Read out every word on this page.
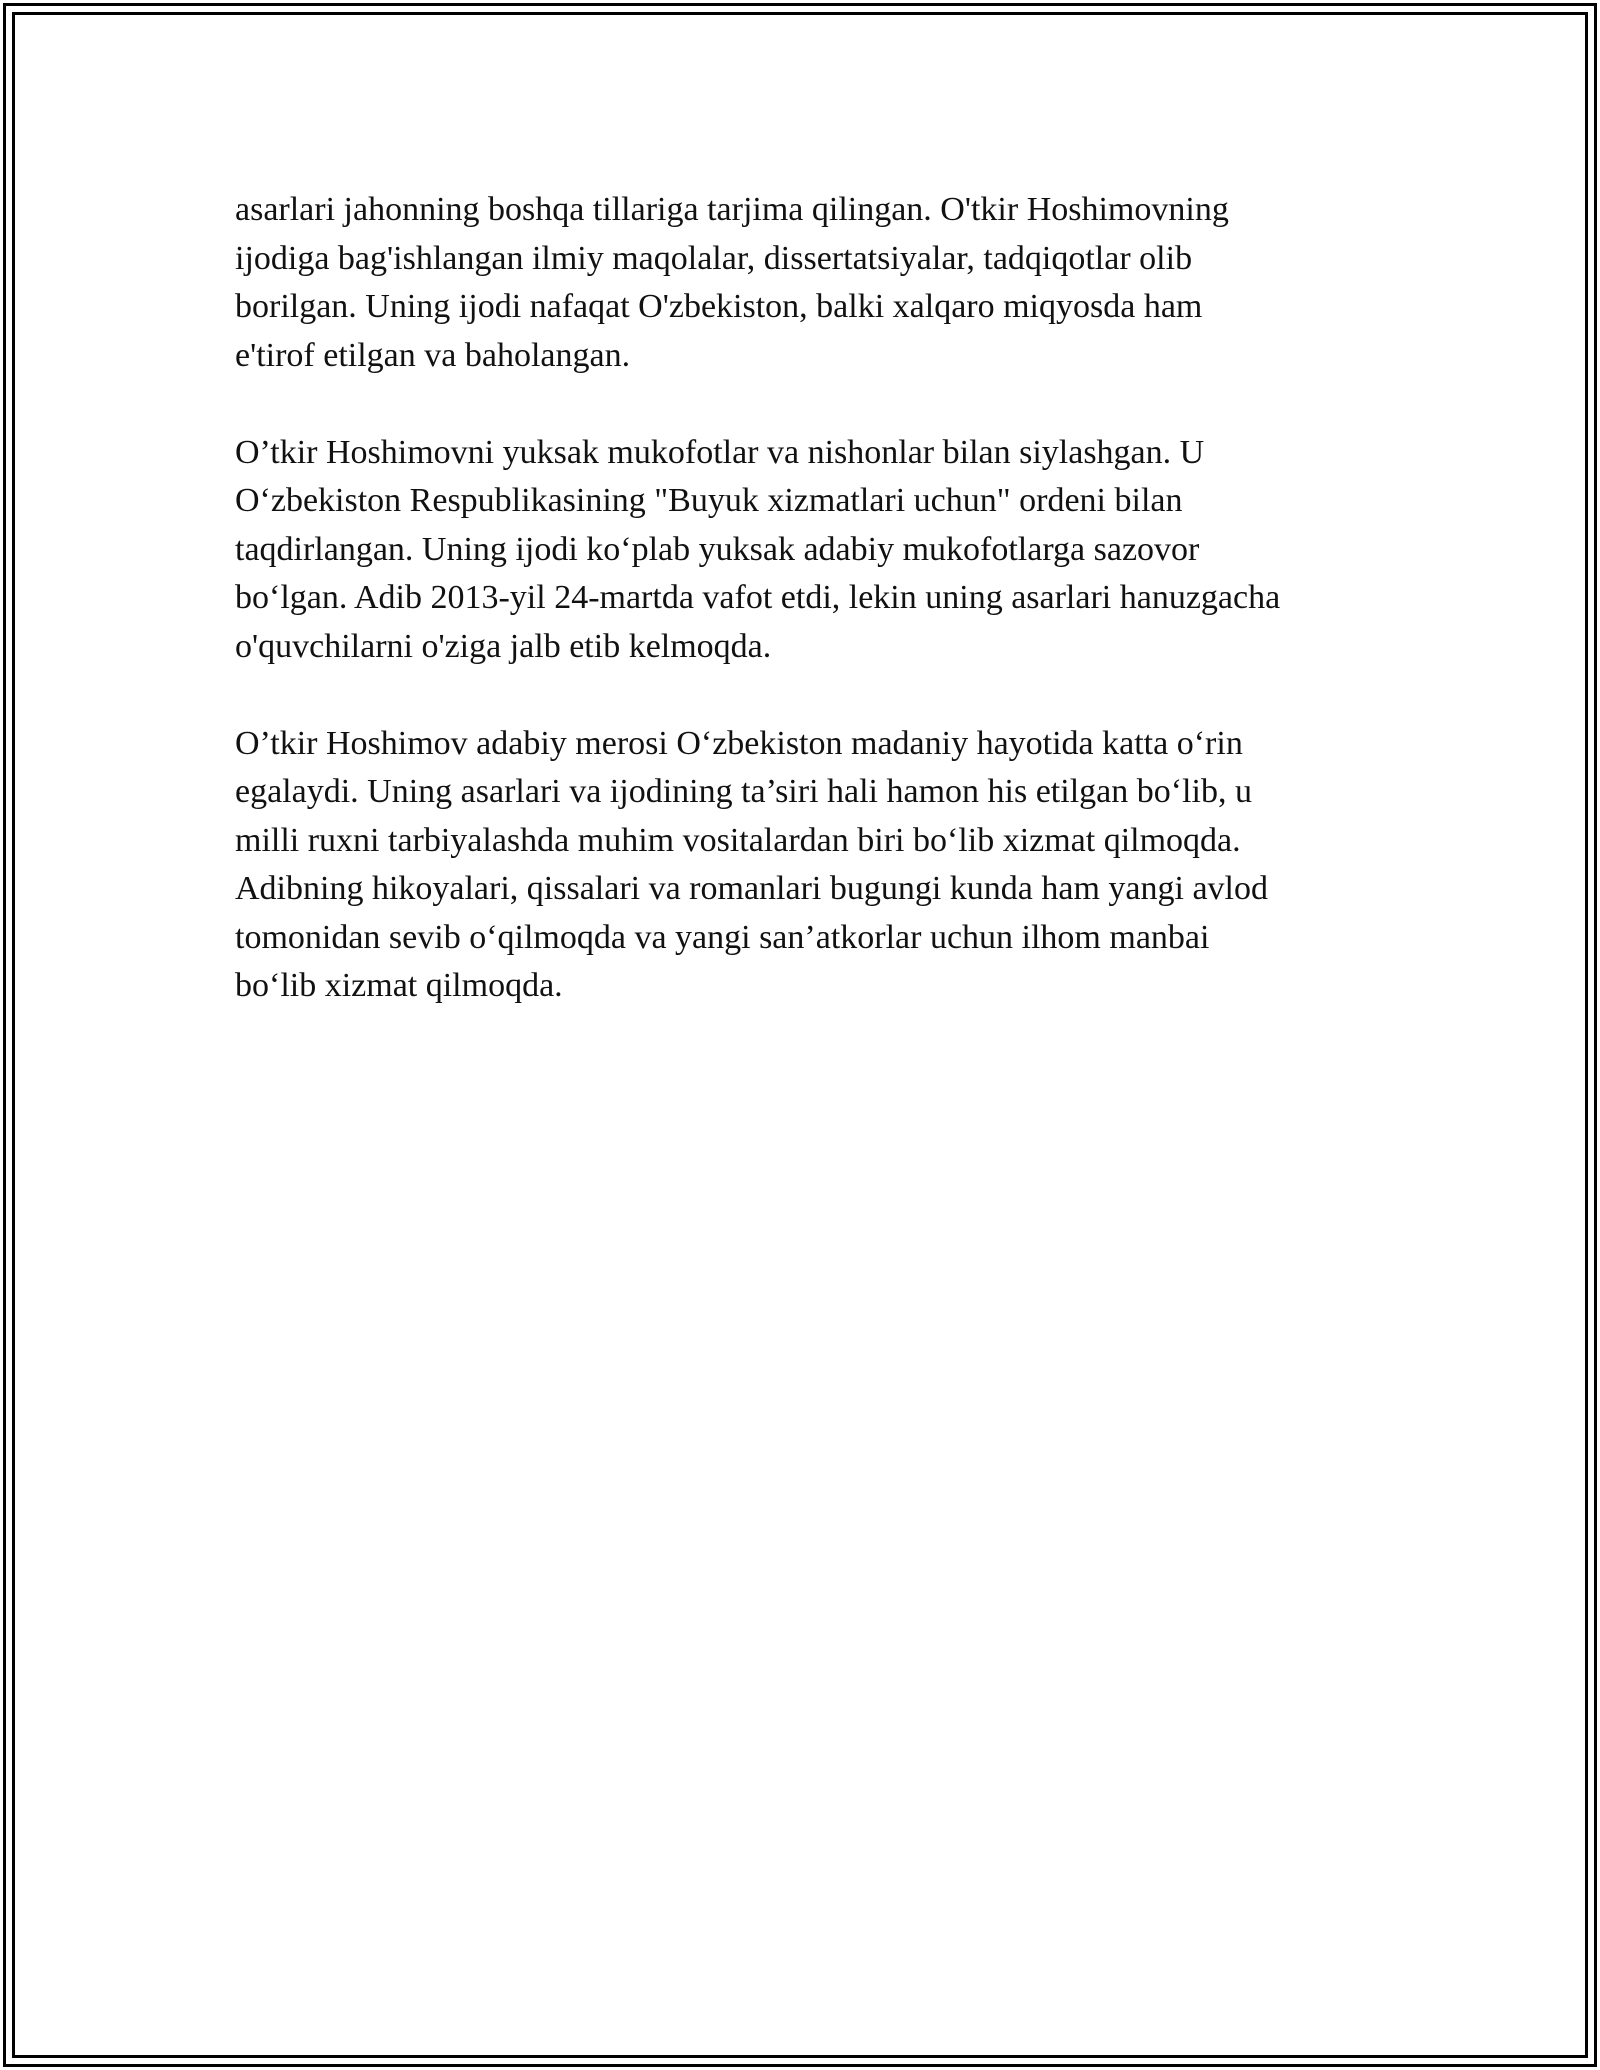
asarlari jahonning boshqa tillariga tarjima qilingan. O'tkir Hoshimovning
ijodiga bag'ishlangan ilmiy maqolalar, dissertatsiyalar, tadqiqotlar olib
borilgan. Uning ijodi nafaqat O'zbekiston, balki xalqaro miqyosda ham
e'tirof etilgan va baholangan.

O’tkir Hoshimovni yuksak mukofotlar va nishonlar bilan siylashgan. U
O‘zbekiston Respublikasining "Buyuk xizmatlari uchun" ordeni bilan
taqdirlangan. Uning ijodi ko‘plab yuksak adabiy mukofotlarga sazovor
bo‘lgan. Adib 2013-yil 24-martda vafot etdi, lekin uning asarlari hanuzgacha
o'quvchilarni o'ziga jalb etib kelmoqda.

O’tkir Hoshimov adabiy merosi O‘zbekiston madaniy hayotida katta o‘rin
egalaydi. Uning asarlari va ijodining ta’siri hali hamon his etilgan bo‘lib, u
milli ruxni tarbiyalashda muhim vositalardan biri bo‘lib xizmat qilmoqda.
Adibning hikoyalari, qissalari va romanlari bugungi kunda ham yangi avlod
tomonidan sevib o‘qilmoqda va yangi san’atkorlar uchun ilhom manbai
bo‘lib xizmat qilmoqda.
